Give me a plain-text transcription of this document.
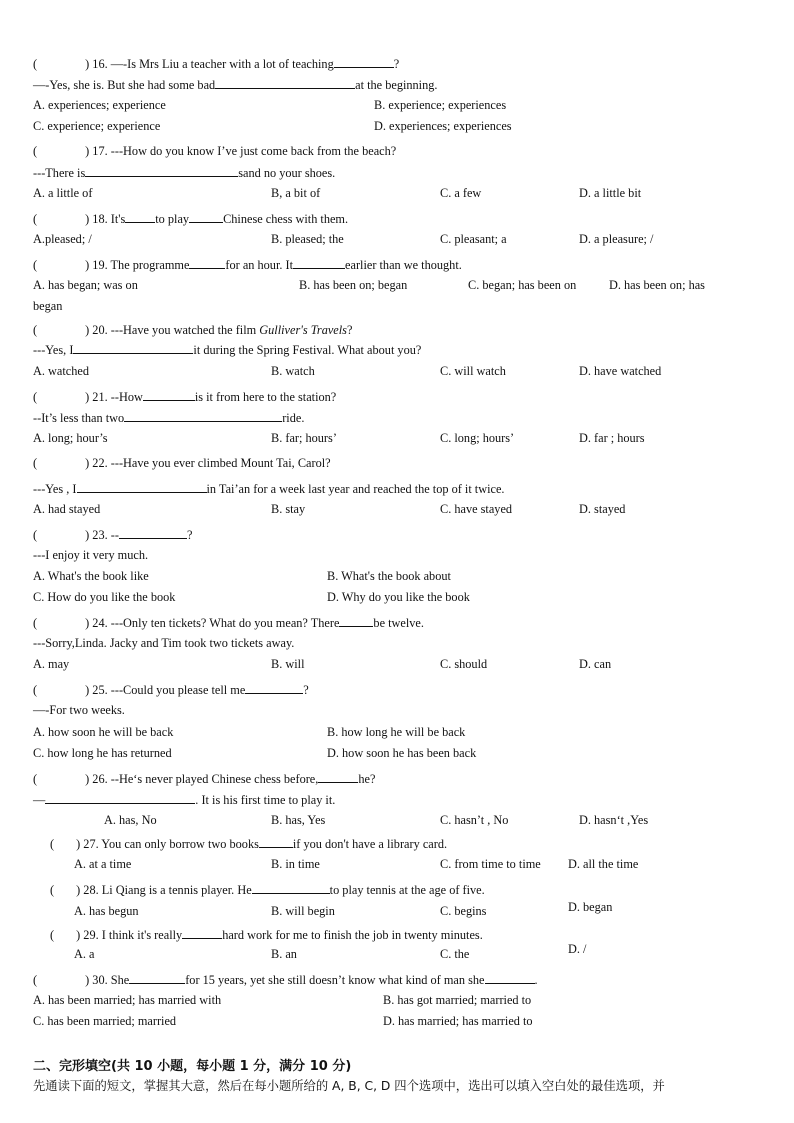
(	) 16. —-Is Mrs Liu a teacher with a lot of teaching	?
—-Yes, she is. But she had some bad	at the beginning.
A. experiences; experience	B. experience; experiences
C. experience; experience	D. experiences; experiences
(	) 17. ---How do you know I’ve just come back from the beach?
---There is	sand no your shoes.
A. a little of	B, a bit of	C. a few	D. a little bit
(	) 18. It's to play	Chinese chess with them.
A.pleased; /	B. pleased; the	C. pleasant; a	D. a pleasure; /
(	) 19. The programme	for an hour. It	earlier than we thought.
A. has began; was on	B. has been on; began	C. began; has been on	D. has been on; has
began
(	) 20. ---Have you watched the film Gulliver's Travels?
---Yes, I	it during the Spring Festival. What about you?
A. watched	B. watch	C. will watch	D. have watched
(	) 21. --How	is it from here to the station?
--It’s less than two	ride.
A. long; hour’s	B. far; hours’	C. long; hours’	D. far ; hours
(	) 22. ---Have you ever climbed Mount Tai, Carol?
---Yes , I	in Tai’an for a week last year and reached the top of it twice.
A. had stayed	B. stay	C. have stayed	D. stayed
(	) 23. --	?
---I enjoy it very much.
A. What's the book like	B. What's the book about
C. How do you like the book	D. Why do you like the book
(	) 24. ---Only ten tickets? What do you mean? There	be twelve.
---Sorry,Linda. Jacky and Tim took two tickets away.
A. may	B. will	C. should	D. can
(	) 25. ---Could you please tell me	?
—-For two weeks.
A. how soon he will be back	B. how long he will be back
C. how long he has returned	D. how soon he has been back
(	) 26. --He‘s never played Chinese chess before,	he?
—	. It is his first time to play it.
A. has, No	B. has, Yes	C. hasn’t , No	D. hasn‘t ,Yes
( ) 27. You can only borrow two books	if you don't have a library card.
A. at a time	B. in time	C. from time to time D. all the time
( ) 28. Li Qiang is a tennis player. He	to play tennis at the age of five.
A. has begun	B. will begin	C. begins	D. began
( ) 29. I think it's really	hard work for me to finish the job in twenty minutes.
A. a	B. an	C. the	D. /
(	) 30. She	for 15 years, yet she still doesn’t know what kind of man she	.
A. has been married; has married with	B. has got married; married to
C. has been married; married	D. has married; has married to
二、完形填空(共 10 小题，每小题 1 分，满分 10 分)
先通读下面的短文，掌握其大意，然后在每小题所给的 A, B, C, D 四个选项中，选出可以填入空白处的最佳选项，并
